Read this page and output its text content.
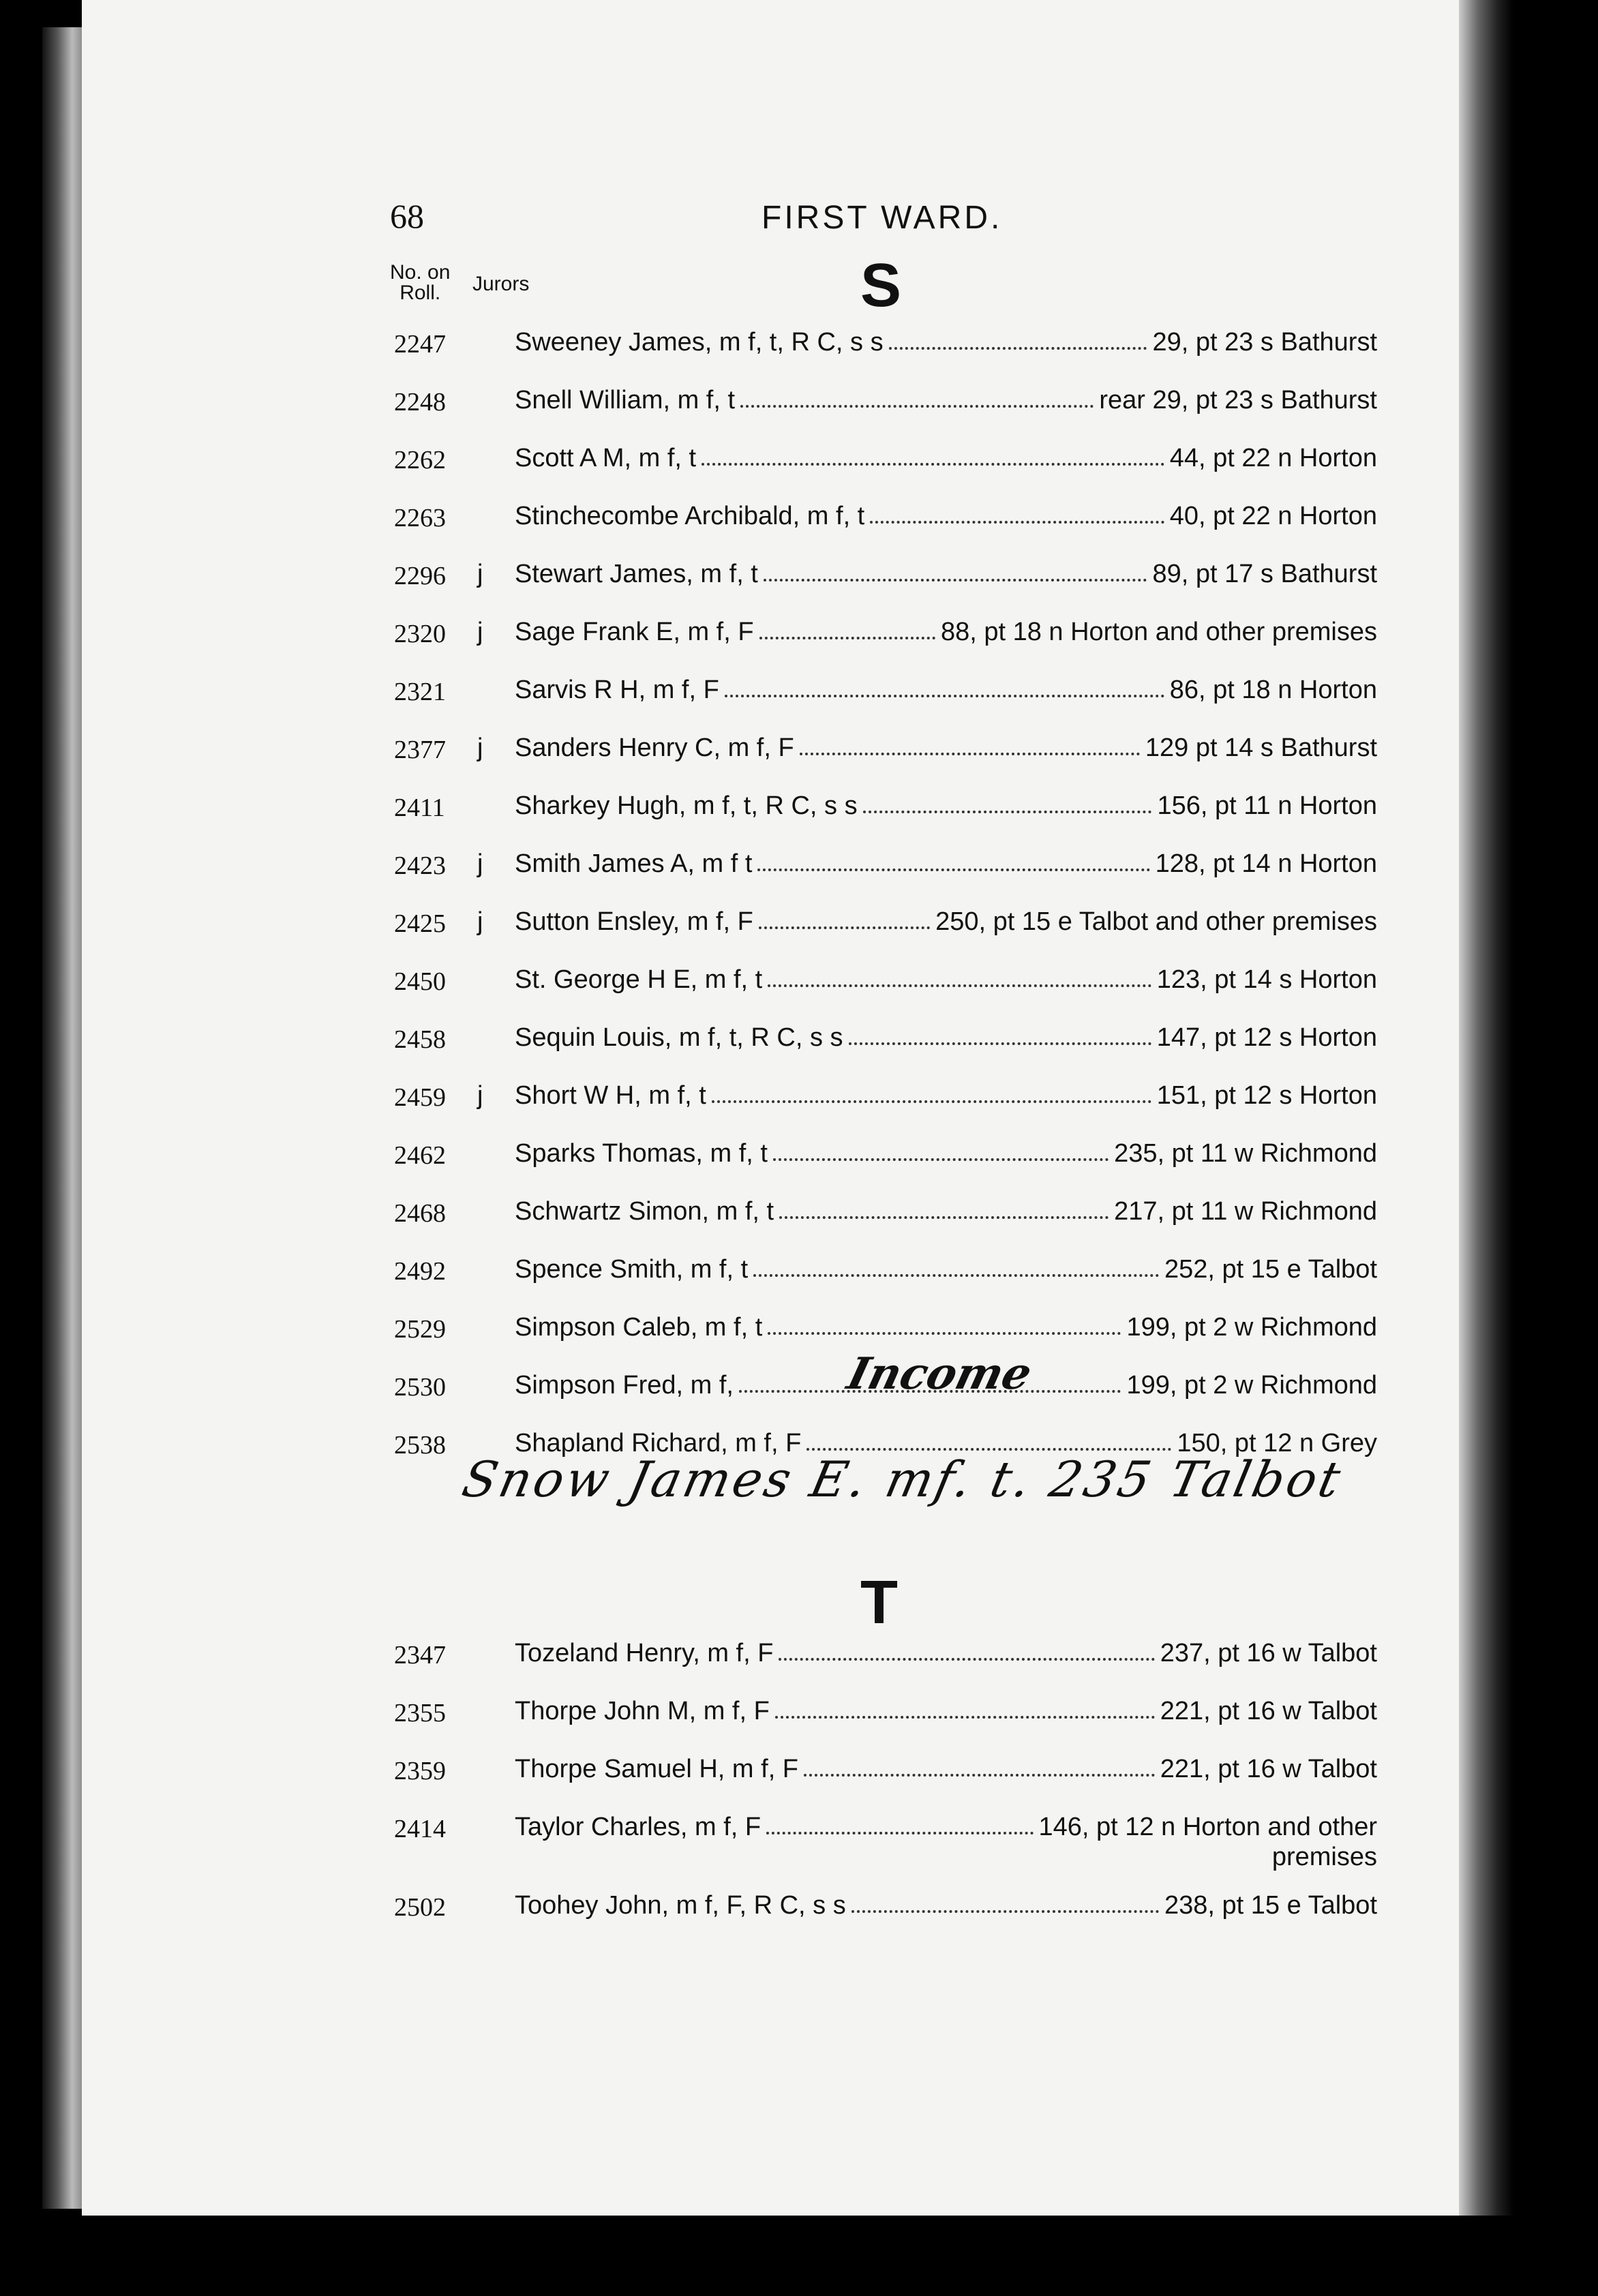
68	FIRST WARD.
No. on
Roll.	Jurors	S
2247	Sweeney James, m f, t, R C, s s	29, pt 23 s Bathurst
2248	Snell William, m f, t	rear 29, pt 23 s Bathurst
2262	Scott A M, m f, t	44, pt 22 n Horton
2263	Stinchecombe Archibald, m f, t	40, pt 22 n Horton
2296 j Stewart James, m f, t	89, pt 17 s Bathurst
2320 j Sage Frank E, m f, F	88, pt 18 n Horton and other premises
2321	Sarvis R H, m f, F	86, pt 18 n Horton
2377 j Sanders Henry C, m f, F	129 pt 14 s Bathurst
2411	Sharkey Hugh, m f, t, R C, s s	156, pt 11 n Horton
2423 j Smith James A, m f t	128, pt 14 n Horton
2425 j Sutton Ensley, m f, F	250, pt 15 e Talbot and other premises
2450	St. George H E, m f, t	123, pt 14 s Horton
2458	Sequin Louis, m f, t, R C, s s	147, pt 12 s Horton
2459 j Short W H, m f, t	151, pt 12 s Horton
2462	Sparks Thomas, m f, t	235, pt 11 w Richmond
2468	Schwartz Simon, m f, t	217, pt 11 w Richmond
2492	Spence Smith, m f, t	252, pt 15 e Talbot
2529	Simpson Caleb, m f, t	199, pt 2 w Richmond
2530	Simpson Fred, m f,	199, pt 2 w Richmond
2538	Shapland Richard, m f, F	150, pt 12 n Grey
Income
Snow James E. mf. t. 235 Talbot
T
2347	Tozeland Henry, m f, F	237, pt 16 w Talbot
2355	Thorpe John M, m f, F	221, pt 16 w Talbot
2359	Thorpe Samuel H, m f, F	221, pt 16 w Talbot
2414	Taylor Charles, m f, F	146, pt 12 n Horton and other
premises
2502	Toohey John, m f, F, R C, s s	238, pt 15 e Talbot
